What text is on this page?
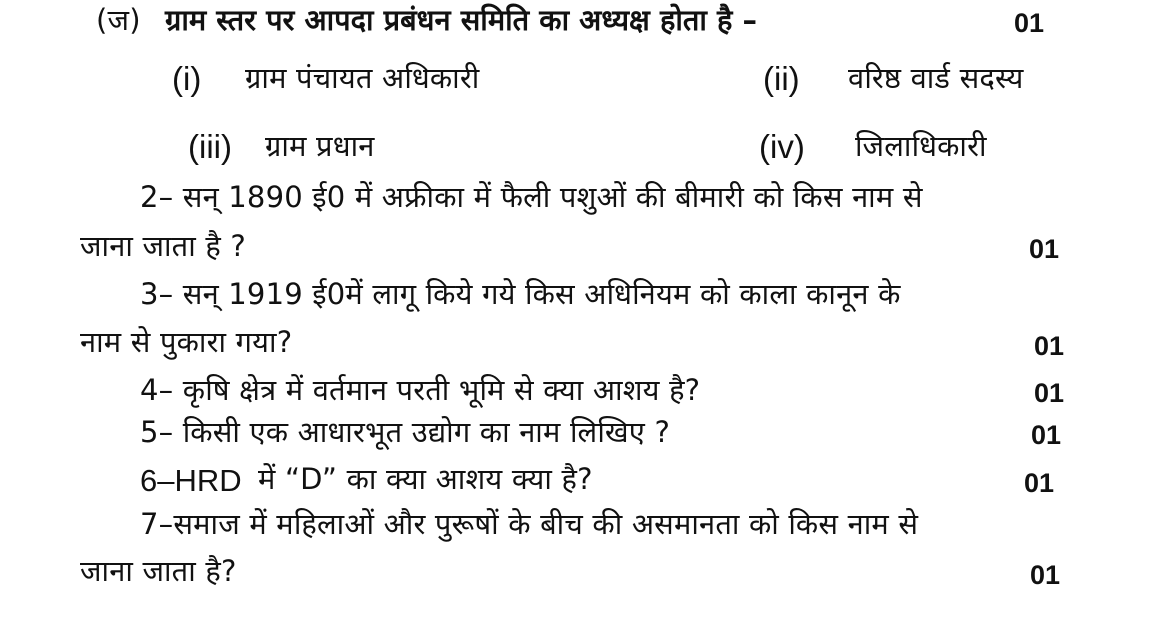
(ज) ग्राम स्तर पर आपदा प्रबंधन समिति का अध्यक्ष होता है –	01
(i) ग्राम पंचायत अधिकारी	(ii) वरिष्ठ वार्ड सदस्य
(iii) ग्राम प्रधान	(iv) जिलाधिकारी
2– सन् 1890 ई0 में अफ्रीका में फैली पशुओं की बीमारी को किस नाम से
जाना जाता है ?	01
3– सन् 1919 ई0में लागू किये गये किस अधिनियम को काला कानून के
नाम से पुकारा गया?	01
4– कृषि क्षेत्र में वर्तमान परती भूमि से क्या आशय है?	01
5– किसी एक आधारभूत उद्योग का नाम लिखिए ?	01
6–HRD में “D” का क्या आशय क्या है?	01
7–समाज में महिलाओं और पुरूषों के बीच की असमानता को किस नाम से
जाना जाता है?	01
